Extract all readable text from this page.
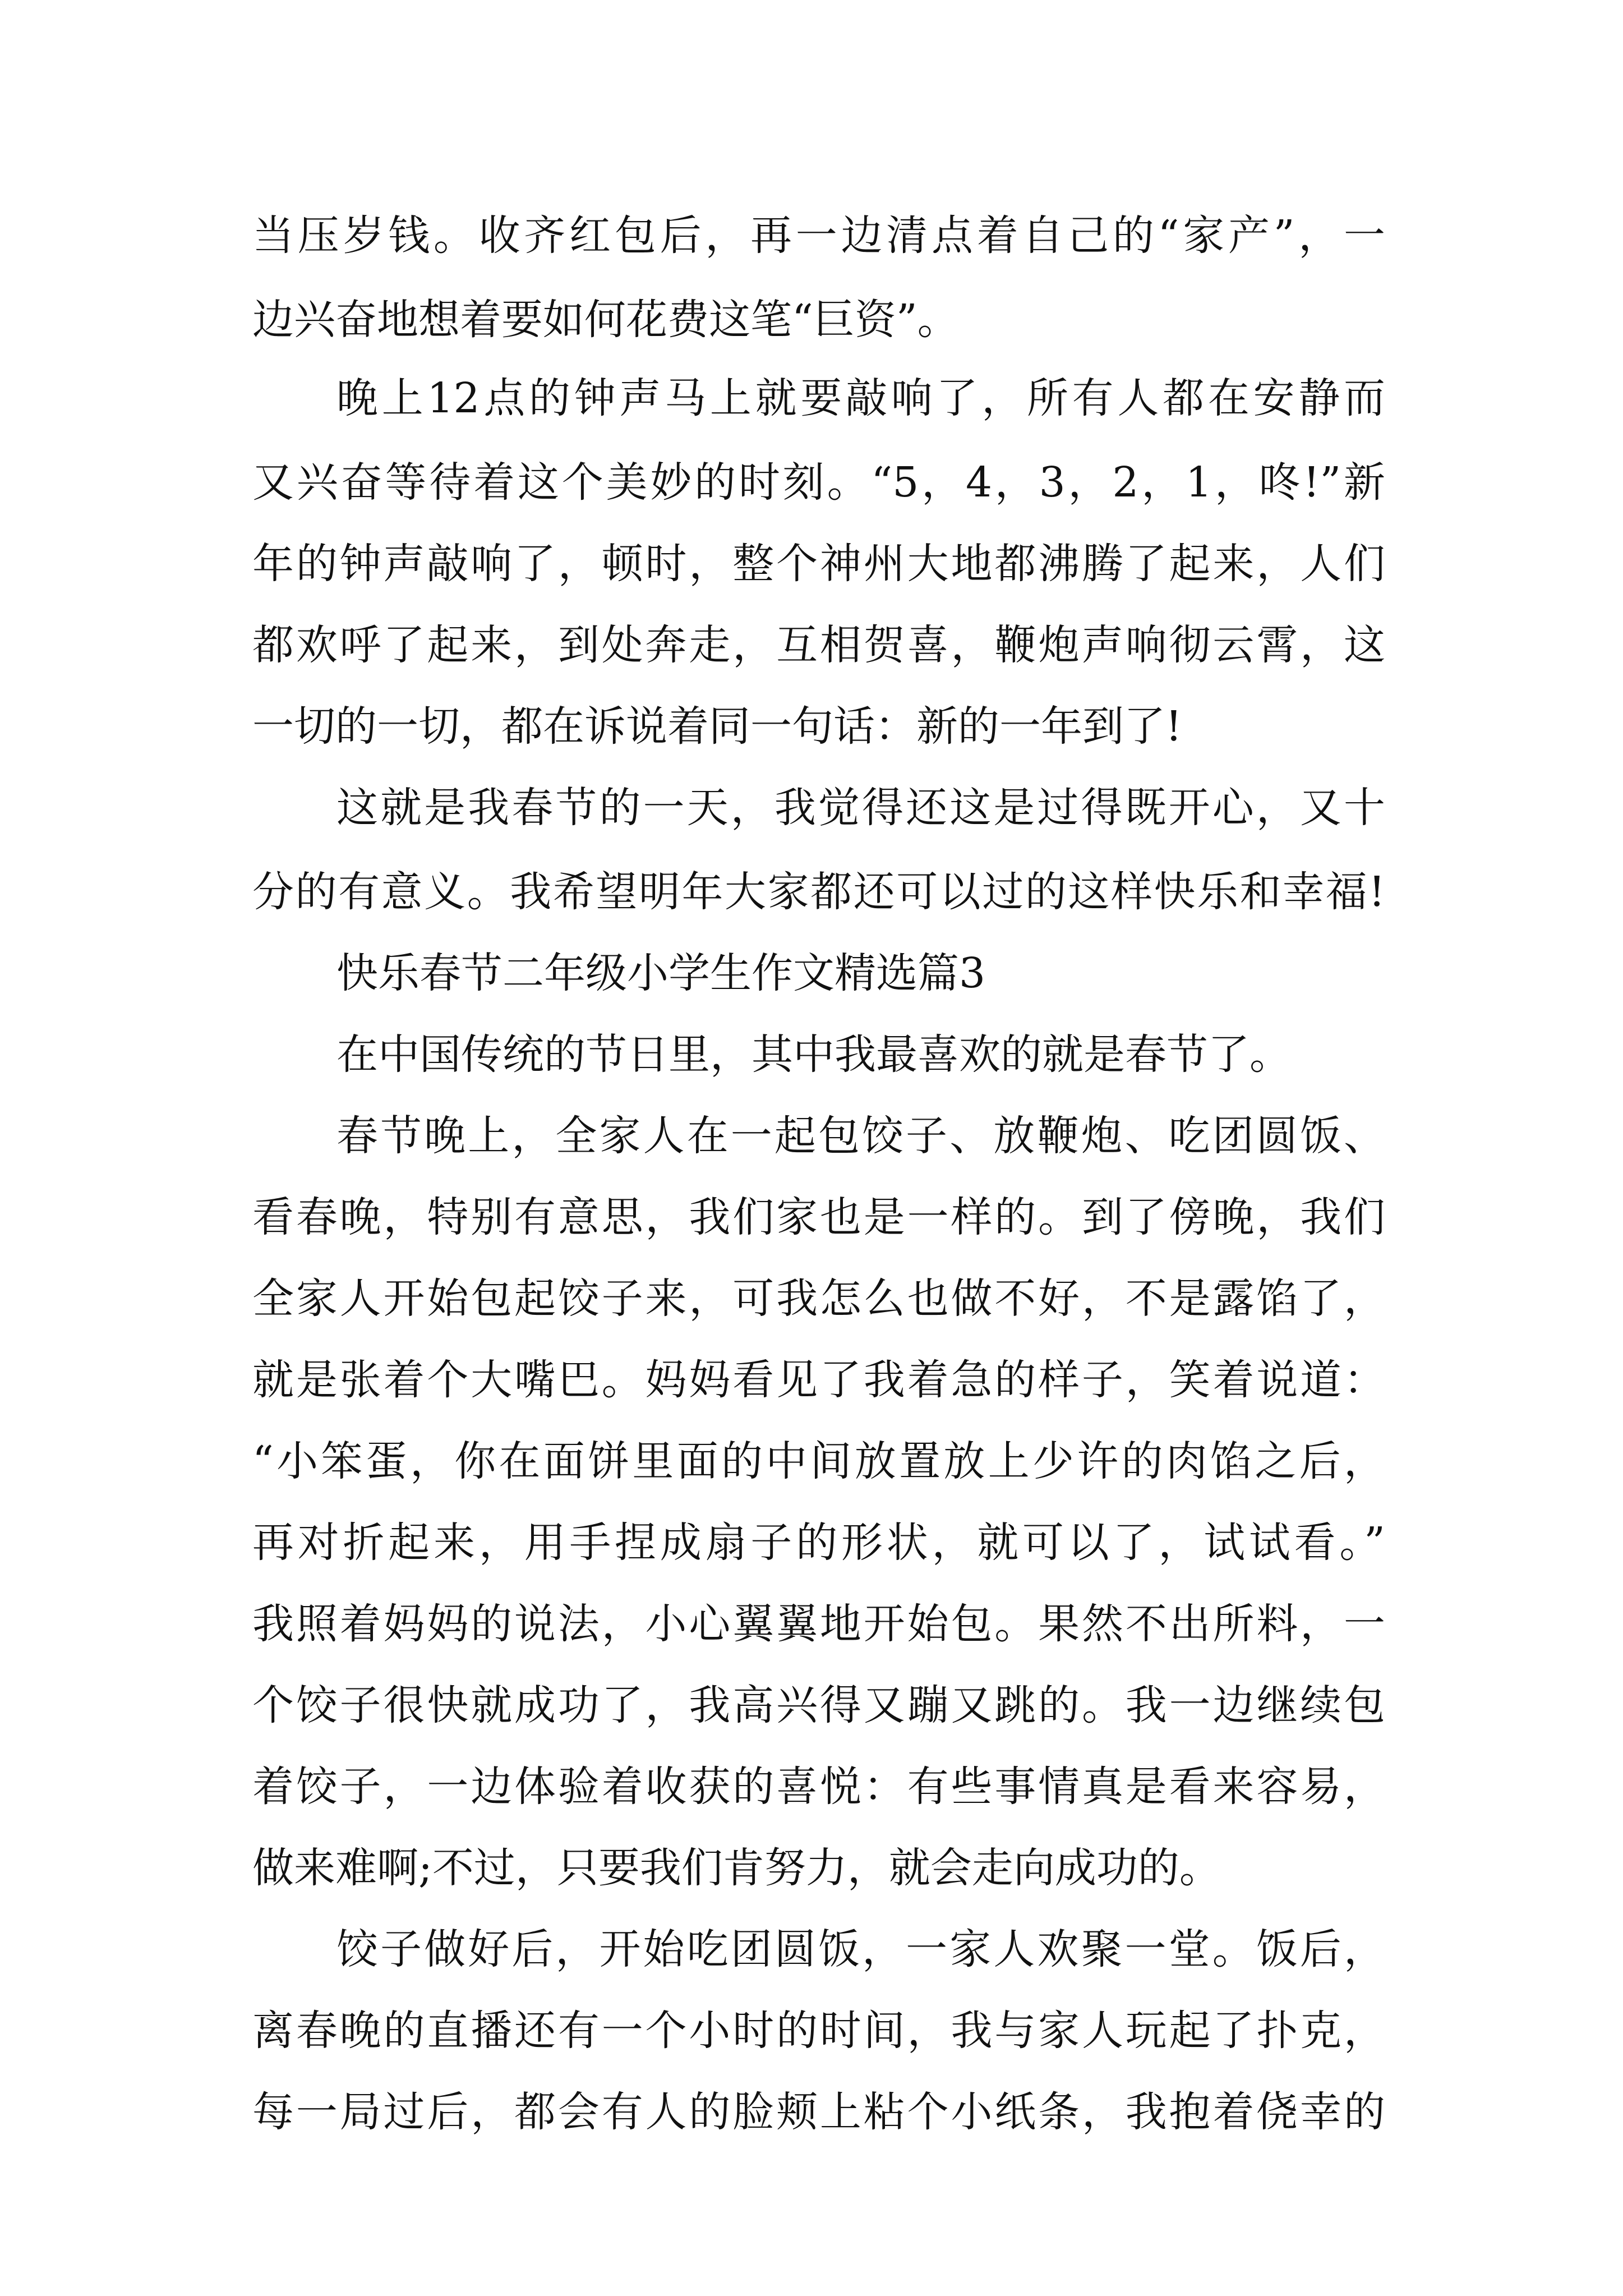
当压岁钱。收齐红包后，再一边清点着自己的“家产”，一
边兴奋地想着要如何花费这笔“巨资”。
晚上12点的钟声马上就要敲响了，所有人都在安静而
又兴奋等待着这个美妙的时刻。“5，4，3，2，1，咚!”新
年的钟声敲响了，顿时，整个神州大地都沸腾了起来，人们
都欢呼了起来，到处奔走，互相贺喜，鞭炮声响彻云霄，这
一切的一切，都在诉说着同一句话：新的一年到了!
这就是我春节的一天，我觉得还这是过得既开心，又十
分的有意义。我希望明年大家都还可以过的这样快乐和幸福!
快乐春节二年级小学生作文精选篇3
在中国传统的节日里，其中我最喜欢的就是春节了。
春节晚上，全家人在一起包饺子、放鞭炮、吃团圆饭、
看春晚，特别有意思，我们家也是一样的。到了傍晚，我们
全家人开始包起饺子来，可我怎么也做不好，不是露馅了，
就是张着个大嘴巴。妈妈看见了我着急的样子，笑着说道：
“小笨蛋，你在面饼里面的中间放置放上少许的肉馅之后，
再对折起来，用手捏成扇子的形状，就可以了，试试看。”
我照着妈妈的说法，小心翼翼地开始包。果然不出所料，一
个饺子很快就成功了，我高兴得又蹦又跳的。我一边继续包
着饺子，一边体验着收获的喜悦：有些事情真是看来容易，
做来难啊;不过，只要我们肯努力，就会走向成功的。
饺子做好后，开始吃团圆饭，一家人欢聚一堂。饭后，
离春晚的直播还有一个小时的时间，我与家人玩起了扑克，
每一局过后，都会有人的脸颊上粘个小纸条，我抱着侥幸的
